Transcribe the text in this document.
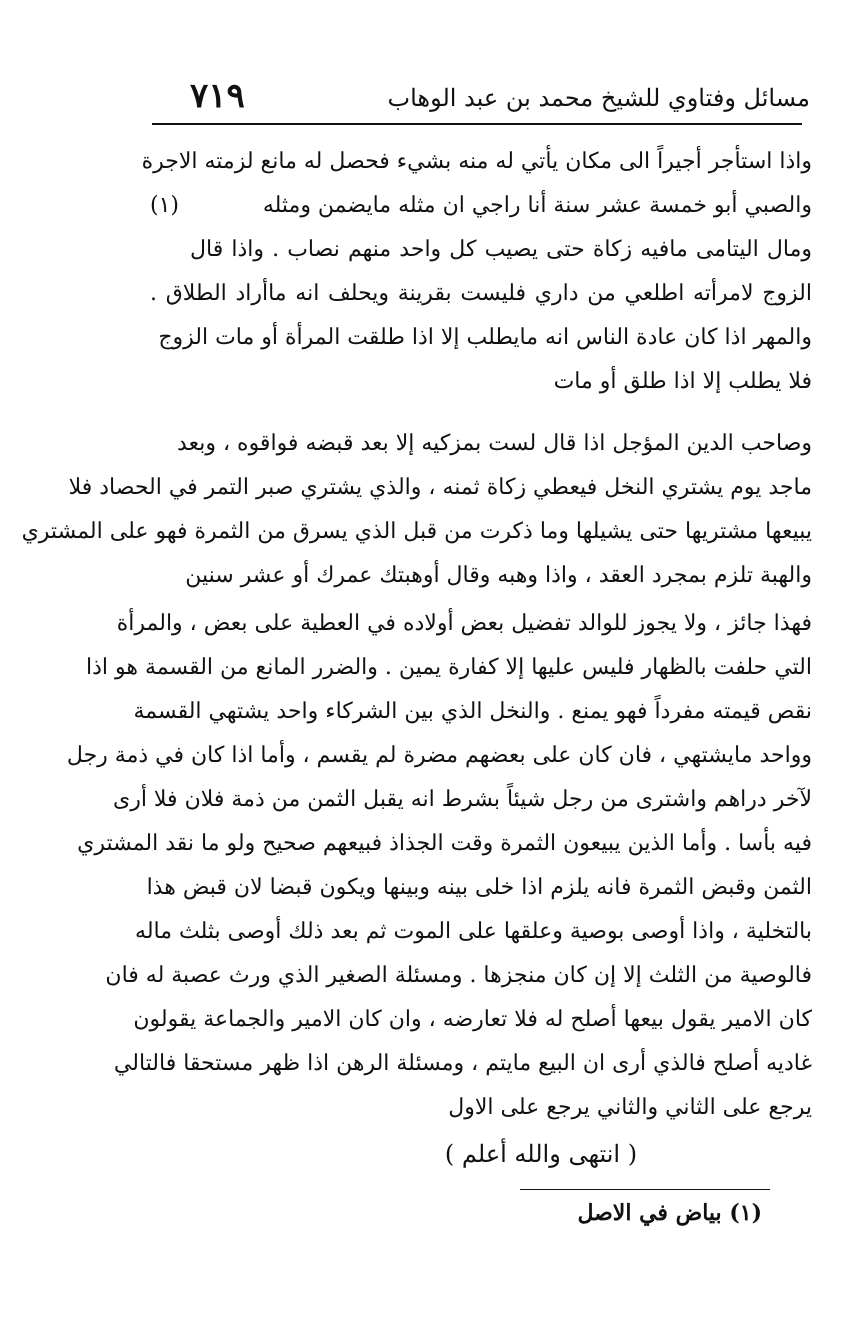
مسائل وفتاوي للشيخ محمد بن عبد الوهاب
٧١٩
واذا استأجر أجيراً الى مكان يأتي له منه بشيء فحصل له مانع لزمته الاجرة
والصبي أبو خمسة عشر سنة أنا راجي ان مثله مايضمن ومثله
(١)
ومال اليتامى مافيه زكاة حتى يصيب كل واحد منهم نصاب . واذا قال
الزوج لامرأته اطلعي من داري فليست بقرينة ويحلف انه ماأراد الطلاق .
والمهر اذا كان عادة الناس انه مايطلب إلا اذا طلقت المرأة أو مات الزوج
فلا يطلب إلا اذا طلق أو مات
وصاحب الدين المؤجل اذا قال لست بمزكيه إلا بعد قبضه فواقوه ، وبعد
ماجد يوم يشتري النخل فيعطي زكاة ثمنه ، والذي يشتري صبر التمر في الحصاد فلا
يبيعها مشتريها حتى يشيلها وما ذكرت من قبل الذي يسرق من الثمرة فهو على المشتري
والهبة تلزم بمجرد العقد ، واذا وهبه وقال أوهبتك عمرك أو عشر سنين
فهذا جائز ، ولا يجوز للوالد تفضيل بعض أولاده في العطية على بعض ، والمرأة
التي حلفت بالظهار فليس عليها إلا كفارة يمين . والضرر المانع من القسمة هو اذا
نقص قيمته مفرداً فهو يمنع . والنخل الذي بين الشركاء واحد يشتهي القسمة
وواحد مايشتهي ، فان كان على بعضهم مضرة لم يقسم ، وأما اذا كان في ذمة رجل
لآخر دراهم واشترى من رجل شيئاً بشرط انه يقبل الثمن من ذمة فلان فلا أرى
فيه بأسا . وأما الذين يبيعون الثمرة وقت الجذاذ فبيعهم صحيح ولو ما نقد المشتري
الثمن وقبض الثمرة فانه يلزم اذا خلى بينه وبينها ويكون قبضا لان قبض هذا
بالتخلية ، واذا أوصى بوصية وعلقها على الموت ثم بعد ذلك أوصى بثلث ماله
فالوصية من الثلث إلا إن كان منجزها . ومسئلة الصغير الذي ورث عصبة له فان
كان الامير يقول بيعها أصلح له فلا تعارضه ، وان كان الامير والجماعة يقولون
غاديه أصلح فالذي أرى ان البيع مايتم ، ومسئلة الرهن اذا ظهر مستحقا فالتالي
يرجع على الثاني والثاني يرجع على الاول
( انتهى والله أعلم )
(١) بياض في الاصل
